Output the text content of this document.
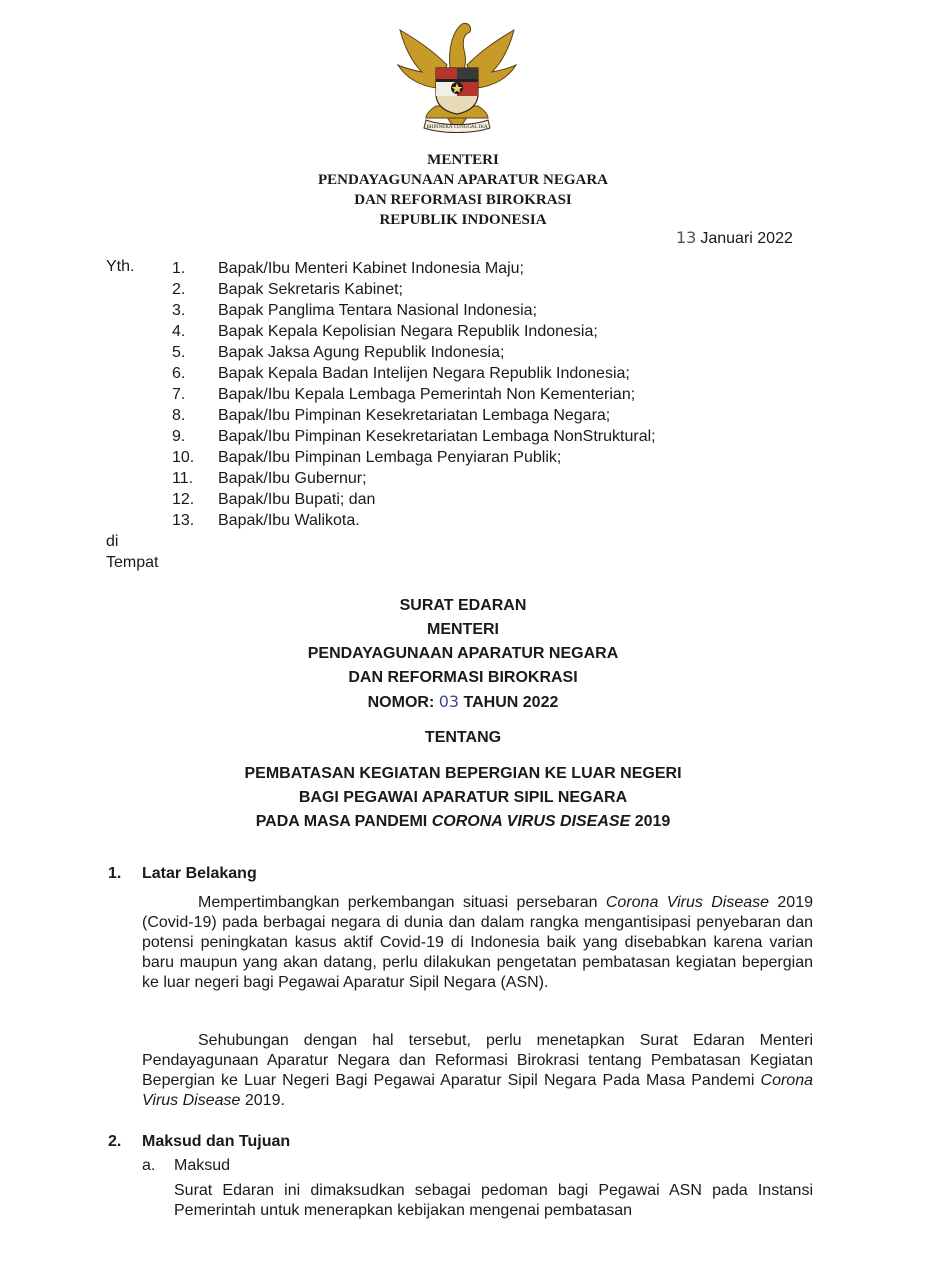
BHINNEKA TUNGGAL IKA
MENTERI
PENDAYAGUNAAN APARATUR NEGARA
DAN REFORMASI BIROKRASI
REPUBLIK INDONESIA
13 Januari 2022
Yth. 1. Bapak/Ibu Menteri Kabinet Indonesia Maju;
2. Bapak Sekretaris Kabinet;
3. Bapak Panglima Tentara Nasional Indonesia;
4. Bapak Kepala Kepolisian Negara Republik Indonesia;
5. Bapak Jaksa Agung Republik Indonesia;
6. Bapak Kepala Badan Intelijen Negara Republik Indonesia;
7. Bapak/Ibu Kepala Lembaga Pemerintah Non Kementerian;
8. Bapak/Ibu Pimpinan Kesekretariatan Lembaga Negara;
9. Bapak/Ibu Pimpinan Kesekretariatan Lembaga NonStruktural;
10. Bapak/Ibu Pimpinan Lembaga Penyiaran Publik;
11. Bapak/Ibu Gubernur;
12. Bapak/Ibu Bupati; dan
13. Bapak/Ibu Walikota.
di
Tempat
SURAT EDARAN
MENTERI
PENDAYAGUNAAN APARATUR NEGARA
DAN REFORMASI BIROKRASI
NOMOR: 03 TAHUN 2022
TENTANG
PEMBATASAN KEGIATAN BEPERGIAN KE LUAR NEGERI
BAGI PEGAWAI APARATUR SIPIL NEGARA
PADA MASA PANDEMI CORONA VIRUS DISEASE 2019
1. Latar Belakang

Mempertimbangkan perkembangan situasi persebaran Corona Virus Disease 2019 (Covid-19) pada berbagai negara di dunia dan dalam rangka mengantisipasi penyebaran dan potensi peningkatan kasus aktif Covid-19 di Indonesia baik yang disebabkan karena varian baru maupun yang akan datang, perlu dilakukan pengetatan pembatasan kegiatan bepergian ke luar negeri bagi Pegawai Aparatur Sipil Negara (ASN).

Sehubungan dengan hal tersebut, perlu menetapkan Surat Edaran Menteri Pendayagunaan Aparatur Negara dan Reformasi Birokrasi tentang Pembatasan Kegiatan Bepergian ke Luar Negeri Bagi Pegawai Aparatur Sipil Negara Pada Masa Pandemi Corona Virus Disease 2019.

2. Maksud dan Tujuan
a. Maksud

Surat Edaran ini dimaksudkan sebagai pedoman bagi Pegawai ASN pada Instansi Pemerintah untuk menerapkan kebijakan mengenai pembatasan
